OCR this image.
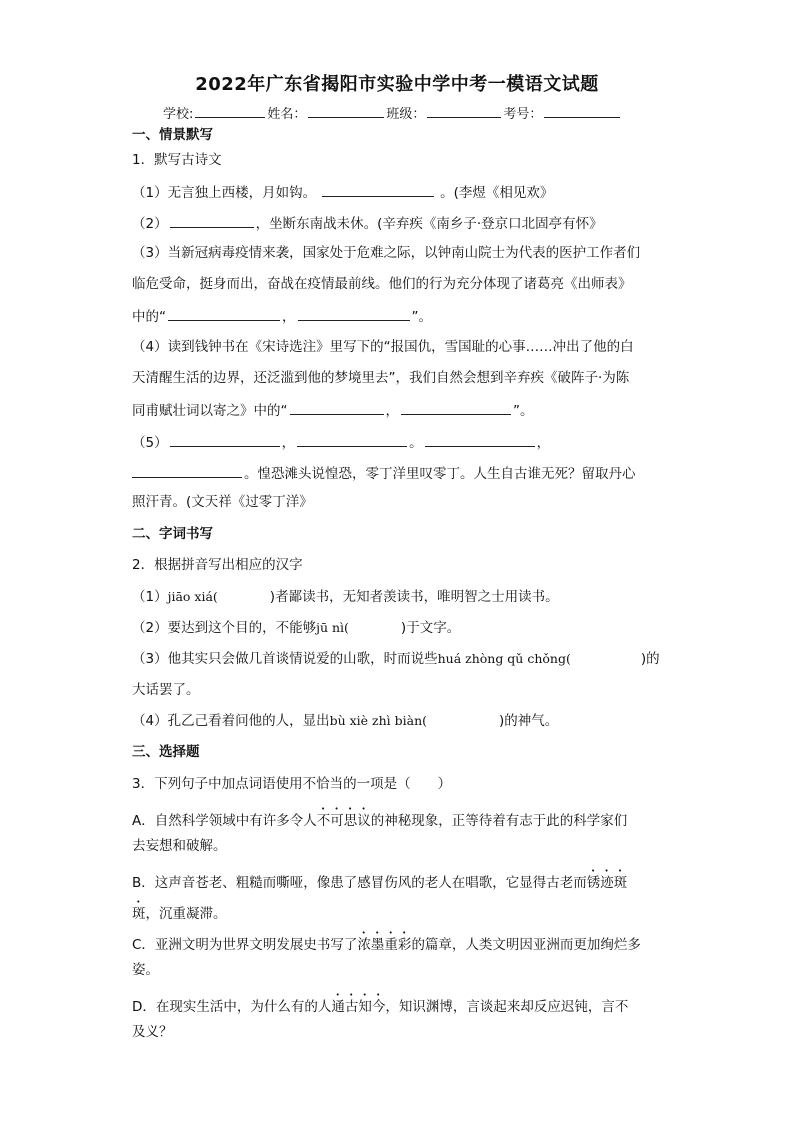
2022年广东省揭阳市实验中学中考一模语文试题
学校:	姓名：	班级：	考号：
一、情景默写
1．默写古诗文
（1）无言独上西楼，月如钩。	。(李煜《相见欢》
（2）	，坐断东南战未休。(辛弃疾《南乡子·登京口北固亭有怀》
（3）当新冠病毒疫情来袭，国家处于危难之际，以钟南山院士为代表的医护工作者们
临危受命，挺身而出，奋战在疫情最前线。他们的行为充分体现了诸葛亮《出师表》
中的“	，	”。
（4）读到钱钟书在《宋诗选注》里写下的“报国仇，雪国耻的心事……冲出了他的白
天清醒生活的边界，还泛滥到他的梦境里去”，我们自然会想到辛弃疾《破阵子·为陈
同甫赋壮词以寄之》中的“	，	”。
（5）	，	。	，
。惶恐滩头说惶恐，零丁洋里叹零丁。人生自古谁无死？留取丹心
照汗青。(文天祥《过零丁洋》
二、字词书写
2．根据拼音写出相应的汉字
（1）jiāo xiá(	)者鄙读书，无知者羡读书，唯明智之士用读书。
（2）要达到这个目的，不能够jū nì(	)于文字。
（3）他其实只会做几首谈情说爱的山歌，时而说些huá zhòng qǔ chǒng(	)的
大话罢了。
（4）孔乙己看着问他的人，显出bù xiè zhì biàn(	)的神气。
三、选择题
3．下列句子中加点词语使用不恰当的一项是（　　）
A．自然科学领域中有许多令人不可思议的神秘现象，正等待着有志于此的科学家们
去妄想和破解。
B．这声音苍老、粗糙而嘶哑，像患了感冒伤风的老人在唱歌，它显得古老而锈迹斑
斑，沉重凝滞。
C．亚洲文明为世界文明发展史书写了浓墨重彩的篇章，人类文明因亚洲而更加绚烂多
姿。
D．在现实生活中，为什么有的人通古知今，知识渊博，言谈起来却反应迟钝，言不
及义？
